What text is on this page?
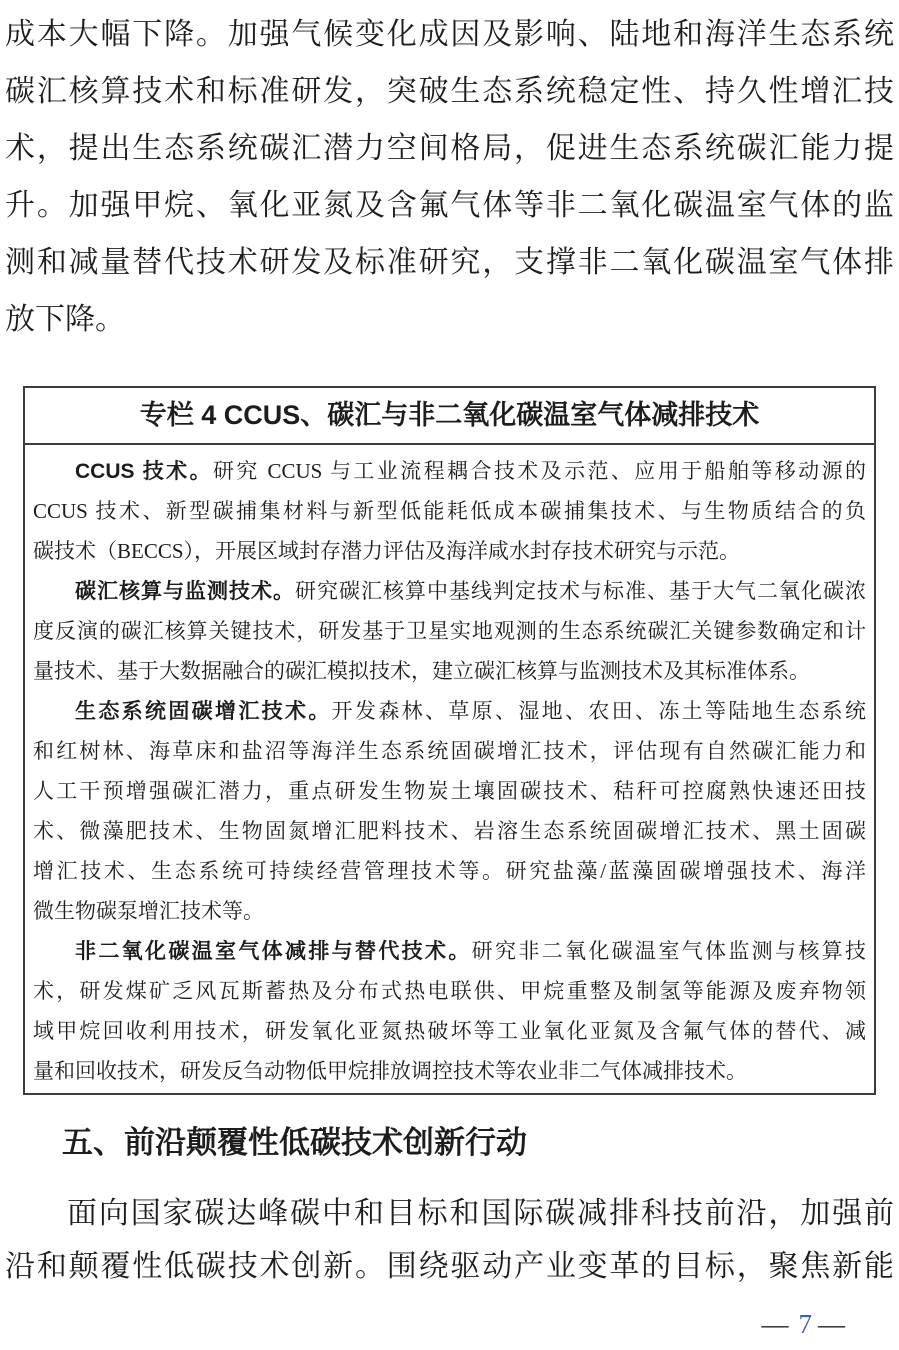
成本大幅下降。加强气候变化成因及影响、陆地和海洋生态系统
碳汇核算技术和标准研发，突破生态系统稳定性、持久性增汇技
术，提出生态系统碳汇潜力空间格局，促进生态系统碳汇能力提
升。加强甲烷、氧化亚氮及含氟气体等非二氧化碳温室气体的监
测和减量替代技术研发及标准研究，支撑非二氧化碳温室气体排
放下降。
专栏 4 CCUS、碳汇与非二氧化碳温室气体减排技术
CCUS 技术。研究 CCUS 与工业流程耦合技术及示范、应用于船舶等移动源的
CCUS 技术、新型碳捕集材料与新型低能耗低成本碳捕集技术、与生物质结合的负
碳技术（BECCS），开展区域封存潜力评估及海洋咸水封存技术研究与示范。
碳汇核算与监测技术。研究碳汇核算中基线判定技术与标准、基于大气二氧化碳浓
度反演的碳汇核算关键技术，研发基于卫星实地观测的生态系统碳汇关键参数确定和计
量技术、基于大数据融合的碳汇模拟技术，建立碳汇核算与监测技术及其标准体系。
生态系统固碳增汇技术。开发森林、草原、湿地、农田、冻土等陆地生态系统
和红树林、海草床和盐沼等海洋生态系统固碳增汇技术，评估现有自然碳汇能力和
人工干预增强碳汇潜力，重点研发生物炭土壤固碳技术、秸秆可控腐熟快速还田技
术、微藻肥技术、生物固氮增汇肥料技术、岩溶生态系统固碳增汇技术、黑土固碳
增汇技术、生态系统可持续经营管理技术等。研究盐藻/蓝藻固碳增强技术、海洋
微生物碳泵增汇技术等。
非二氧化碳温室气体减排与替代技术。研究非二氧化碳温室气体监测与核算技
术，研发煤矿乏风瓦斯蓄热及分布式热电联供、甲烷重整及制氢等能源及废弃物领
域甲烷回收利用技术，研发氧化亚氮热破坏等工业氧化亚氮及含氟气体的替代、减
量和回收技术，研发反刍动物低甲烷排放调控技术等农业非二气体减排技术。
五、前沿颠覆性低碳技术创新行动
面向国家碳达峰碳中和目标和国际碳减排科技前沿，加强前
沿和颠覆性低碳技术创新。围绕驱动产业变革的目标，聚焦新能
— 7 —
